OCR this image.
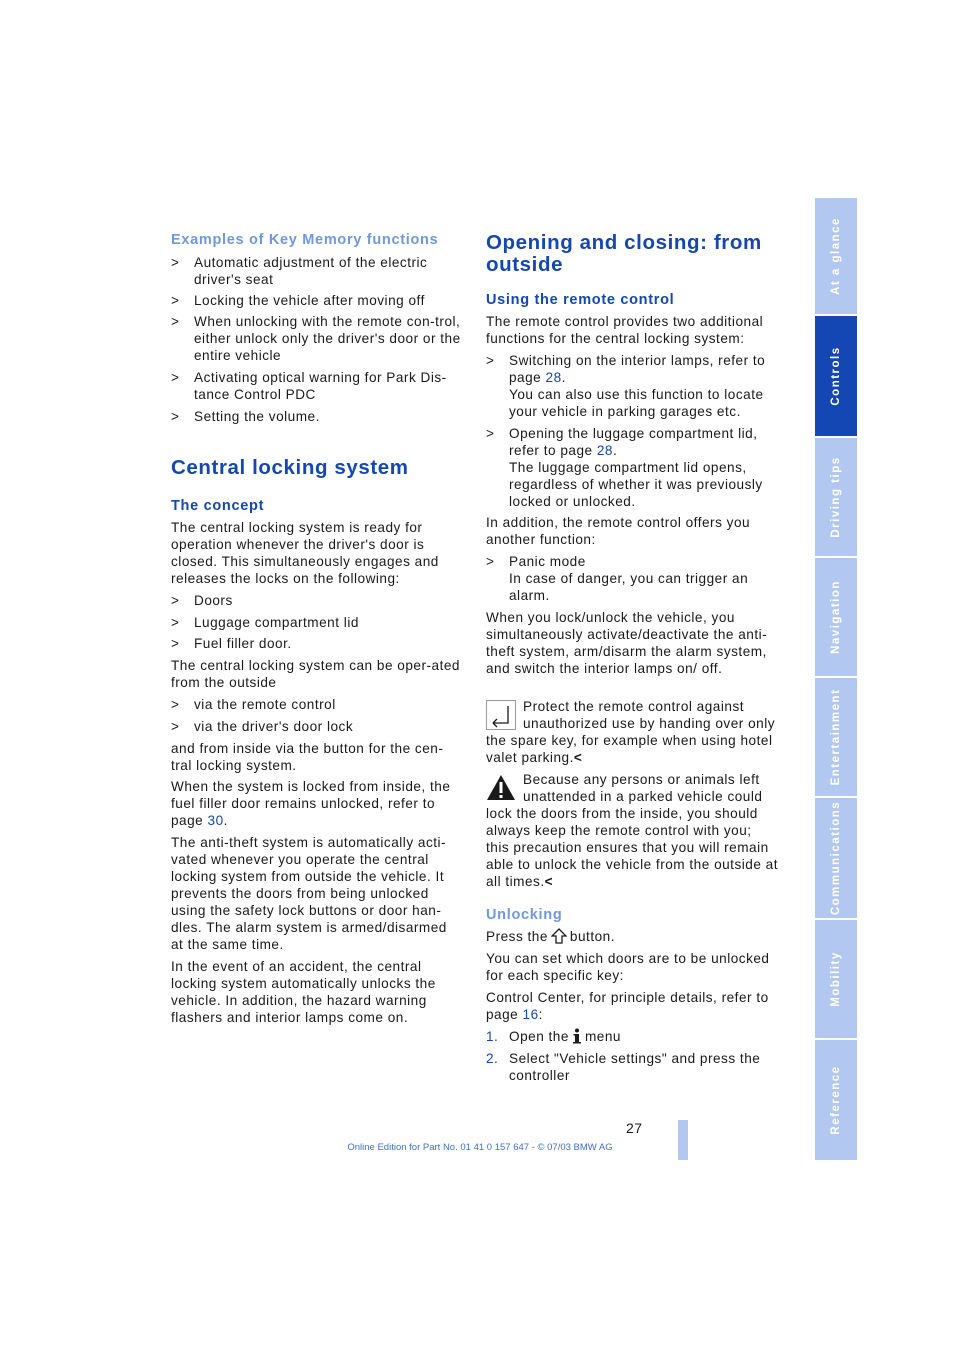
Examples of Key Memory functions
> Automatic adjustment of the electric driver's seat
> Locking the vehicle after moving off
> When unlocking with the remote con-trol, either unlock only the driver's door or the entire vehicle
> Activating optical warning for Park Dis-tance Control PDC
> Setting the volume.
Central locking system
The concept
The central locking system is ready for operation whenever the driver's door is closed. This simultaneously engages and releases the locks on the following:
> Doors
> Luggage compartment lid
> Fuel filler door.
The central locking system can be oper-ated from the outside
> via the remote control
> via the driver's door lock
and from inside via the button for the cen-tral locking system.
When the system is locked from inside, the fuel filler door remains unlocked, refer to page 30.
The anti-theft system is automatically acti-vated whenever you operate the central locking system from outside the vehicle. It prevents the doors from being unlocked using the safety lock buttons or door han-dles. The alarm system is armed/disarmed at the same time.
In the event of an accident, the central locking system automatically unlocks the vehicle. In addition, the hazard warning flashers and interior lamps come on.
Opening and closing: from
outside
Using the remote control
The remote control provides two additional functions for the central locking system:
> Switching on the interior lamps, refer to page 28.
You can also use this function to locate your vehicle in parking garages etc.
> Opening the luggage compartment lid, refer to page 28.
The luggage compartment lid opens, regardless of whether it was previously locked or unlocked.
In addition, the remote control offers you another function:
> Panic mode
In case of danger, you can trigger an alarm.
When you lock/unlock the vehicle, you simultaneously activate/deactivate the anti-theft system, arm/disarm the alarm system, and switch the interior lamps on/ off.
Protect the remote control against unauthorized use by handing over only the spare key, for example when using hotel valet parking.<
Because any persons or animals left unattended in a parked vehicle could lock the doors from the inside, you should always keep the remote control with you; this precaution ensures that you will remain able to unlock the vehicle from the outside at all times.<
Unlocking
Press the button.
You can set which doors are to be unlocked for each specific key:
Control Center, for principle details, refer to page 16:
1. Open the menu
2. Select "Vehicle settings" and press the controller
At a glance
Controls
Driving tips
Navigation
Entertainment
Communications
Mobility
Reference
27
Online Edition for Part No. 01 41 0 157 647 - © 07/03 BMW AG
